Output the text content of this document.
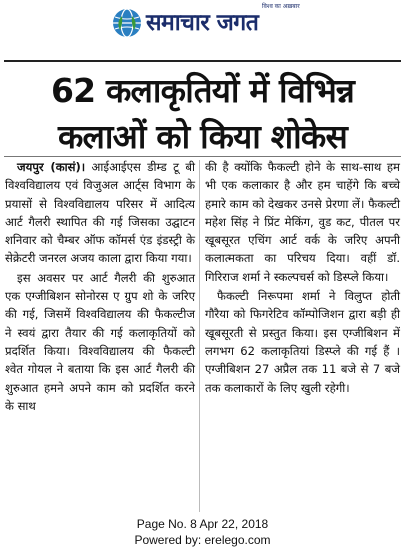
समाचार जगत
विश्व का अख़बार
62 कलाकृतियों में विभिन्न
कलाओं को किया शोकेस

जयपुर (कासं)। आईआईएस डीम्ड टू बी विश्वविद्यालय एवं विजुअल आर्ट्स विभाग के प्रयासों से विश्वविद्यालय परिसर में आदित्य आर्ट गैलरी स्थापित की गई जिसका उद्घाटन शनिवार को चैम्बर ऑफ कॉमर्स एंड इंडस्ट्री के सेक्रेटरी जनरल अजय काला द्वारा किया गया।

इस अवसर पर आर्ट गैलरी की शुरुआत एक एग्जीबिशन सोनोरस ए ग्रुप शो के जरिए की गई, जिसमें विश्वविद्यालय की फैकल्टीज ने स्वयं द्वारा तैयार की गई कलाकृतियों को प्रदर्शित किया। विश्वविद्यालय की फैकल्टी श्वेत गोयल ने बताया कि इस आर्ट गैलरी की शुरुआत हमने अपने काम को प्रदर्शित करने के साथ

की है क्योंकि फैकल्टी होने के साथ-साथ हम भी एक कलाकार है और हम चाहेंगे कि बच्चे हमारे काम को देखकर उनसे प्रेरणा लें। फैकल्टी महेश सिंह ने प्रिंट मेकिंग, वुड कट, पीतल पर खूबसूरत एचिंग आर्ट वर्क के जरिए अपनी कलात्मकता का परिचय दिया। वहीं डॉ. गिरिराज शर्मा ने स्कल्पचर्स को डिस्प्ले किया।

फैकल्टी निरूपमा शर्मा ने विलुप्त होती गौरैया को फिगरेटिव कॉम्पोजिशन द्वारा बड़ी ही खूबसूरती से प्रस्तुत किया। इस एग्जीबिशन में लगभग 62 कलाकृतियां डिस्प्ले की गई हैं । एग्जीबिशन 27 अप्रैल तक 11 बजे से 7 बजे तक कलाकारों के लिए खुली रहेगी।

Page No. 8 Apr 22, 2018
Powered by: erelego.com
